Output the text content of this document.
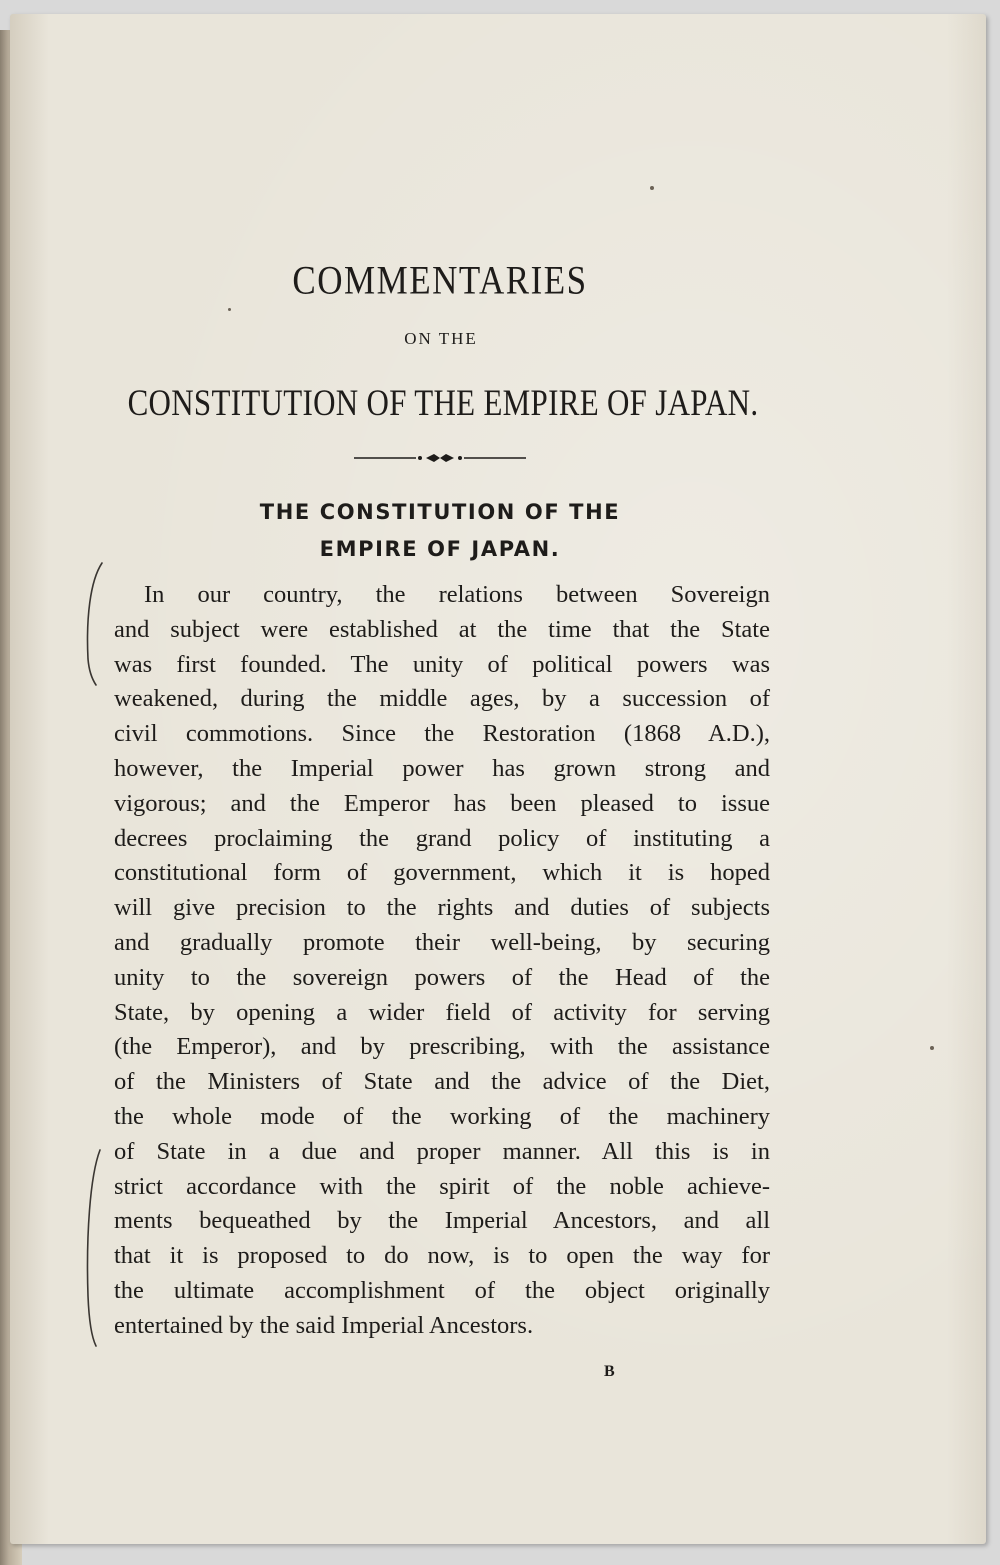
COMMENTARIES
ON THE
CONSTITUTION OF THE EMPIRE OF JAPAN.
THE CONSTITUTION OF THE
EMPIRE OF JAPAN.
In our country, the relations between Sovereign
and subject were established at the time that the State
was first founded. The unity of political powers was
weakened, during the middle ages, by a succession of
civil commotions. Since the Restoration (1868 A.D.),
however, the Imperial power has grown strong and
vigorous; and the Emperor has been pleased to issue
decrees proclaiming the grand policy of instituting a
constitutional form of government, which it is hoped
will give precision to the rights and duties of subjects
and gradually promote their well-being, by securing
unity to the sovereign powers of the Head of the
State, by opening a wider field of activity for serving
(the Emperor), and by prescribing, with the assistance
of the Ministers of State and the advice of the Diet,
the whole mode of the working of the machinery
of State in a due and proper manner. All this is in
strict accordance with the spirit of the noble achieve-
ments bequeathed by the Imperial Ancestors, and all
that it is proposed to do now, is to open the way for
the ultimate accomplishment of the object originally
entertained by the said Imperial Ancestors.
B
